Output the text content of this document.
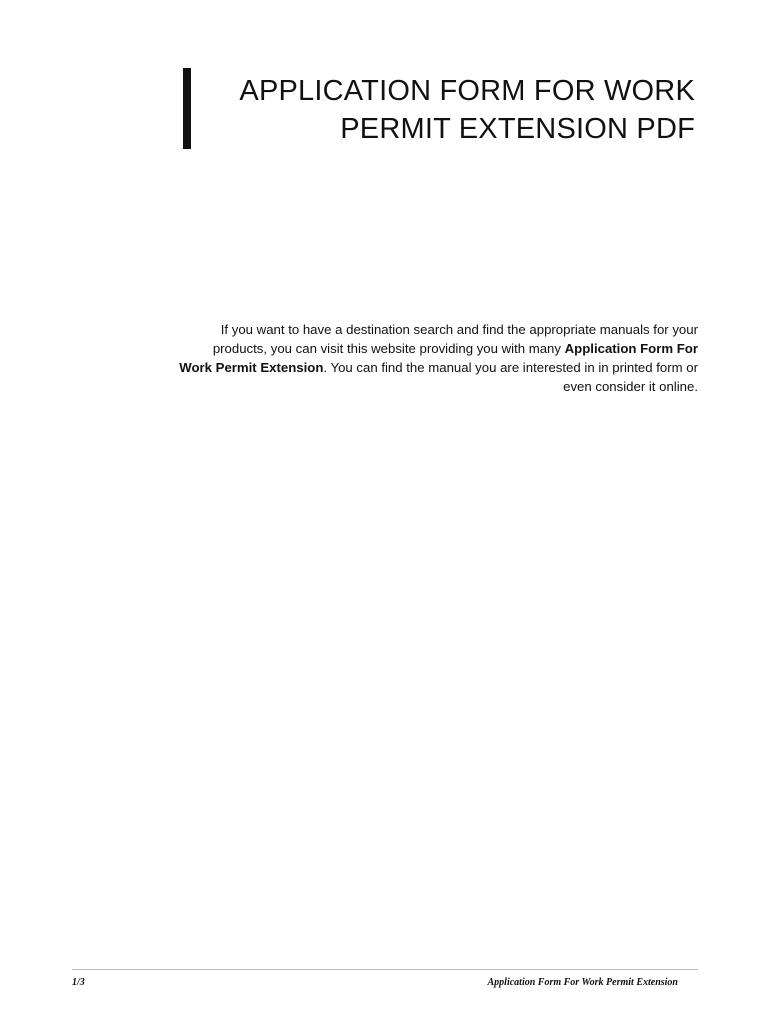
APPLICATION FORM FOR WORK
PERMIT EXTENSION PDF

If you want to have a destination search and find the appropriate manuals for your products, you can visit this website providing you with many Application Form For Work Permit Extension. You can find the manual you are interested in in printed form or even consider it online.

1/3	Application Form For Work Permit Extension
